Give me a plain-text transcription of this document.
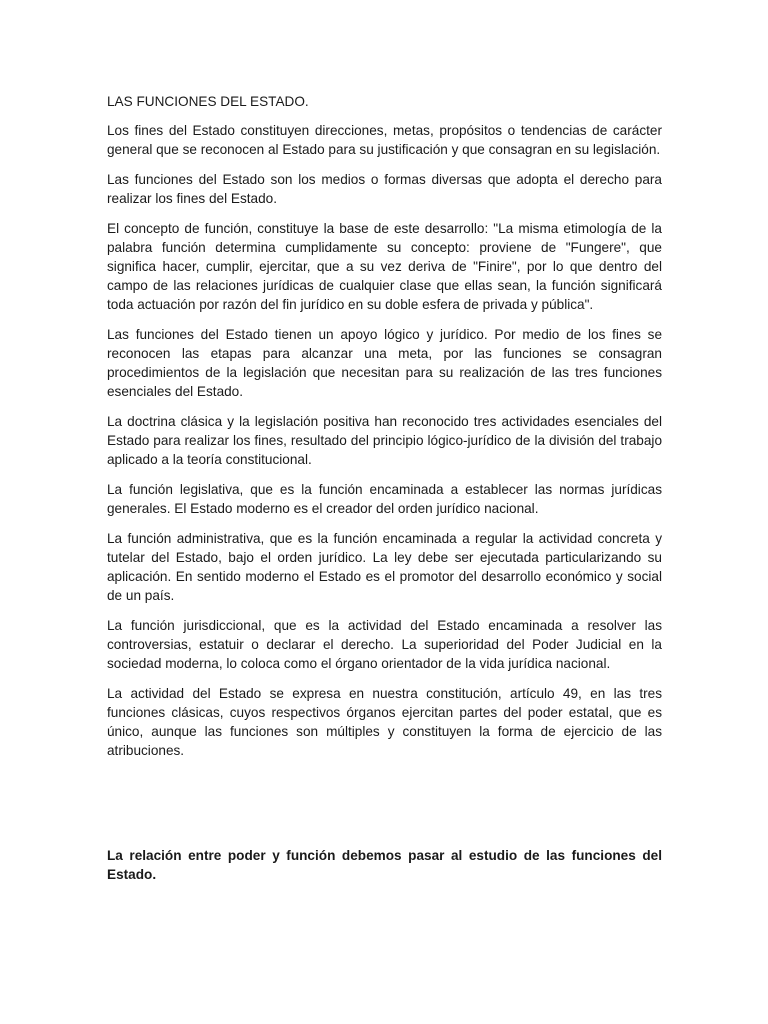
LAS FUNCIONES DEL ESTADO.

Los fines del Estado constituyen direcciones, metas, propósitos o tendencias de carácter general que se reconocen al Estado para su justificación y que consagran en su legislación.

Las funciones del Estado son los medios o formas diversas que adopta el derecho para realizar los fines del Estado.

El concepto de función, constituye la base de este desarrollo: "La misma etimología de la palabra función determina cumplidamente su concepto: proviene de "Fungere", que significa hacer, cumplir, ejercitar, que a su vez deriva de "Finire", por lo que dentro del campo de las relaciones jurídicas de cualquier clase que ellas sean, la función significará toda actuación por razón del fin jurídico en su doble esfera de privada y pública".

Las funciones del Estado tienen un apoyo lógico y jurídico. Por medio de los fines se reconocen las etapas para alcanzar una meta, por las funciones se consagran procedimientos de la legislación que necesitan para su realización de las tres funciones esenciales del Estado.

La doctrina clásica y la legislación positiva han reconocido tres actividades esenciales del Estado para realizar los fines, resultado del principio lógico-jurídico de la división del trabajo aplicado a la teoría constitucional.

La función legislativa, que es la función encaminada a establecer las normas jurídicas generales. El Estado moderno es el creador del orden jurídico nacional.

La función administrativa, que es la función encaminada a regular la actividad concreta y tutelar del Estado, bajo el orden jurídico. La ley debe ser ejecutada particularizando su aplicación. En sentido moderno el Estado es el promotor del desarrollo económico y social de un país.

La función jurisdiccional, que es la actividad del Estado encaminada a resolver las controversias, estatuir o declarar el derecho. La superioridad del Poder Judicial en la sociedad moderna, lo coloca como el órgano orientador de la vida jurídica nacional.

La actividad del Estado se expresa en nuestra constitución, artículo 49, en las tres funciones clásicas, cuyos respectivos órganos ejercitan partes del poder estatal, que es único, aunque las funciones son múltiples y constituyen la forma de ejercicio de las atribuciones.

La relación entre poder y función debemos pasar al estudio de las funciones del Estado.
